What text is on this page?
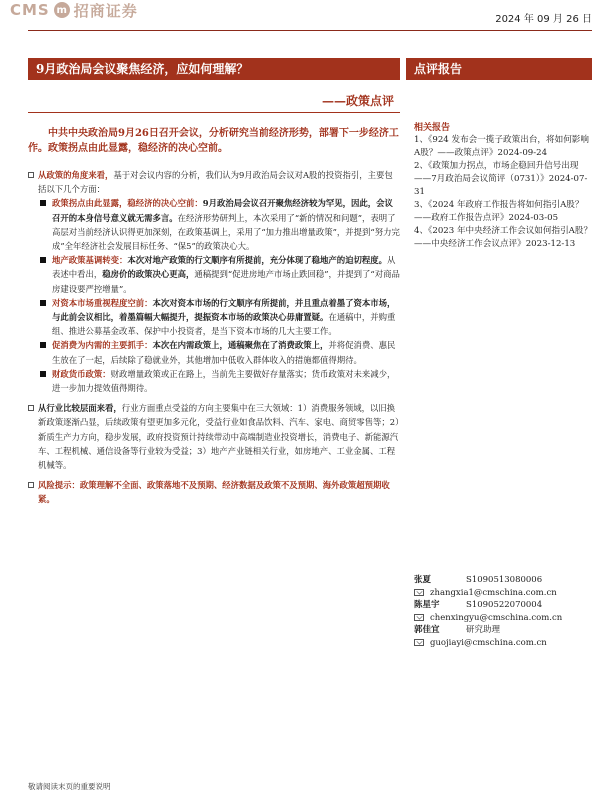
CMS m 招商证券	2024 年 09 月 26 日
9月政治局会议聚焦经济，应如何理解？	点评报告
——政策点评
中共中央政治局9月26日召开会议，分析研究当前经济形势，部署下一步经济工作。政策拐点由此显露，稳经济的决心空前。

从政策的角度来看，基于对会议内容的分析，我们认为9月政治局会议对A股的投资指引，主要包括以下几个方面：

政策拐点由此显露，稳经济的决心空前：9月政治局会议召开聚焦经济较为罕见，因此，会议召开的本身信号意义就无需多言。在经济形势研判上，本次采用了“新的情况和问题”，表明了高层对当前经济认识得更加深刻，在政策基调上，采用了“加力推出增量政策”，并提到“努力完成”全年经济社会发展目标任务、“保5”的政策决心大。

地产政策基调转变：本次对地产政策的行文顺序有所提前，充分体现了稳地产的迫切程度。从表述中看出，稳房价的政策决心更高，通稿提到“促进房地产市场止跌回稳”，并提到了“对商品房建设要严控增量”。

对资本市场重视程度空前：本次对资本市场的行文顺序有所提前，并且重点着墨了资本市场，与此前会议相比，着墨篇幅大幅提升，提振资本市场的政策决心毋庸置疑。在通稿中，并购重组、推进公募基金改革、保护中小投资者，是当下资本市场的几大主要工作。

促消费为内需的主要抓手：本次在内需政策上，通稿聚焦在了消费政策上，并将促消费、惠民生放在了一起，后续除了稳就业外，其他增加中低收入群体收入的措施都值得期待。

财政货币政策：财政增量政策或正在路上，当前先主要做好存量落实；货币政策对未来减少，进一步加力提效值得期待。

从行业比较层面来看，行业方面重点受益的方向主要集中在三大领域：1）消费服务领域，以旧换新政策逐渐凸显，后续政策有望更加多元化，受益行业如食品饮料、汽车、家电、商贸零售等；2）新质生产力方向，稳步发展，政府投资预计持续带动中高端制造业投资增长，消费电子、新能源汽车、工程机械、通信设备等行业较为受益；3）地产产业链相关行业，如房地产、工业金属、工程机械等。

风险提示：政策理解不全面、政策落地不及预期、经济数据及政策不及预期、海外政策超预期收紧。

相关报告
1、《924 发布会一揽子政策出台，将如何影响A股？——政策点评》2024-09-24
2、《政策加力拐点，市场企稳回升信号出现——7月政治局会议简评（0731）》2024-07-31
3、《2024 年政府工作报告将如何指引A股？——政府工作报告点评》2024-03-05
4、《2023 年中央经济工作会议如何指引A股？——中央经济工作会议点评》2023-12-13
张夏	S1090513080006
zhangxia1@cmschina.com.cn
陈星宇	S1090522070004
chenxingyu@cmschina.com.cn
郭佳宜	研究助理
guojiayi@cmschina.com.cn
敬请阅读末页的重要说明
